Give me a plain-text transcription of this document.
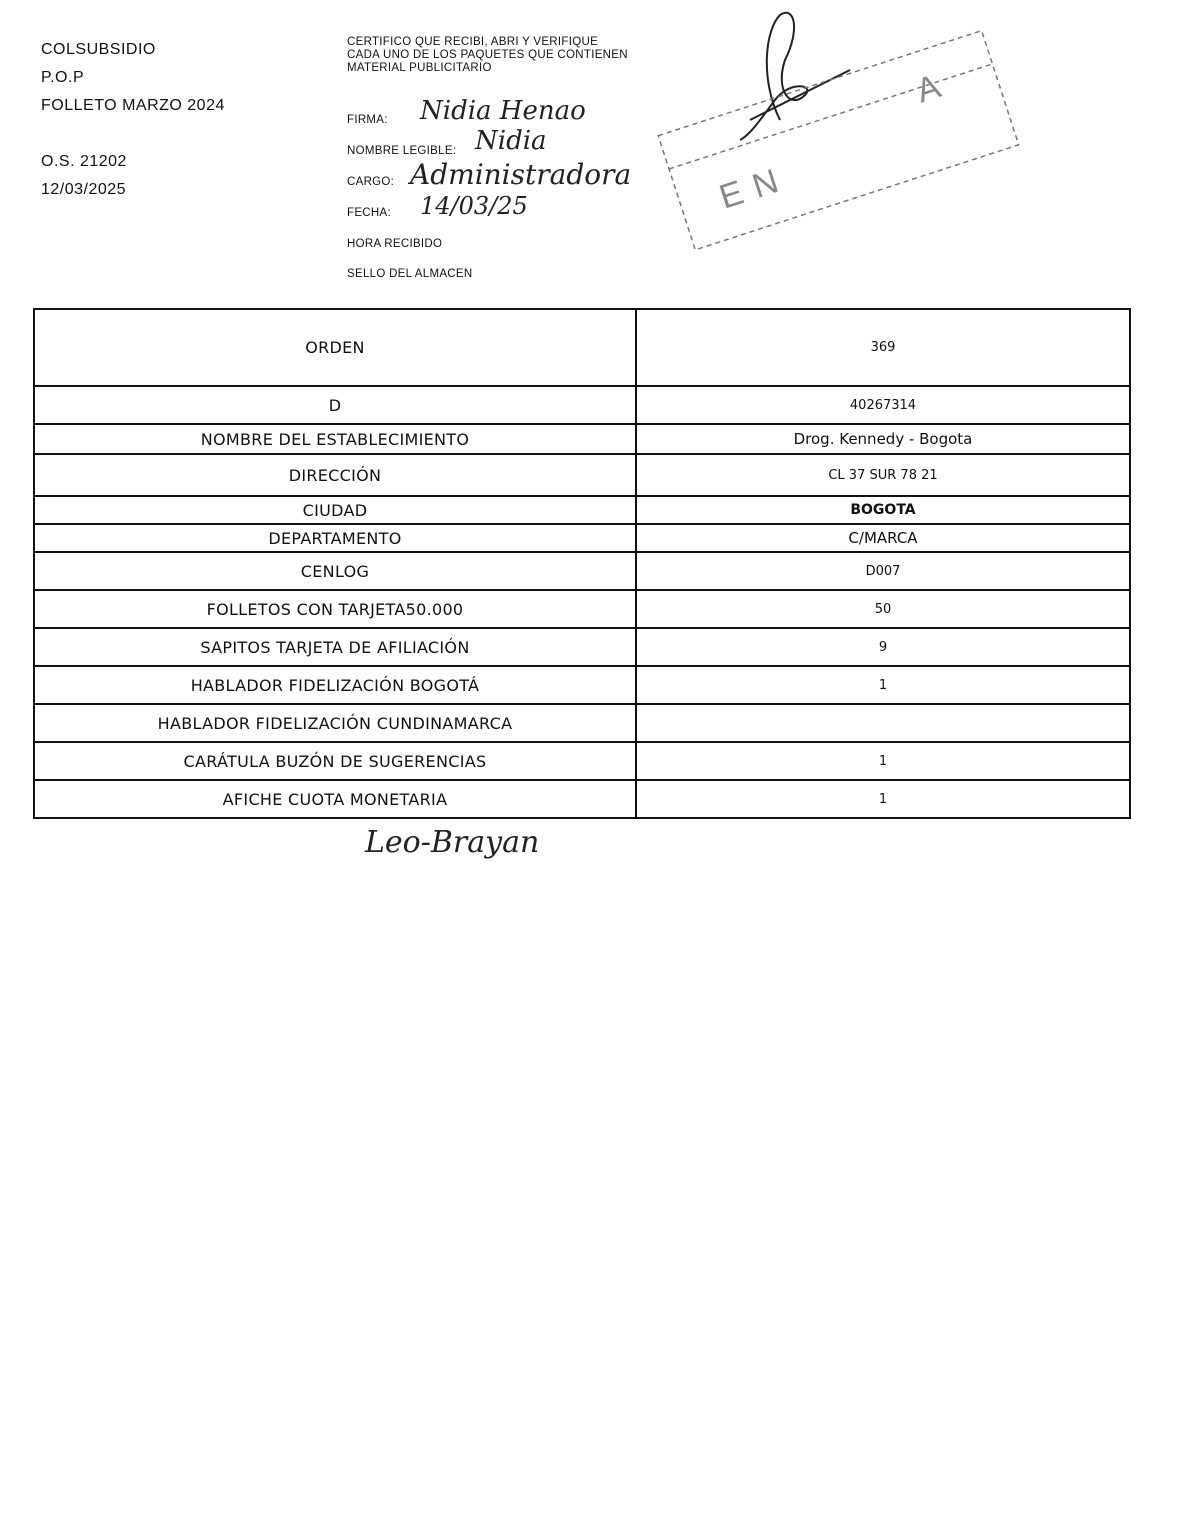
COLSUBSIDIO
P.O.P
FOLLETO MARZO 2024
O.S. 21202
12/03/2025
CERTIFICO QUE RECIBI, ABRI Y VERIFIQUE
CADA UNO DE LOS PAQUETES QUE CONTIENEN MATERIAL PUBLICITARIO
FIRMA:
NOMBRE LEGIBLE:
CARGO:
FECHA:
HORA RECIBIDO
SELLO DEL ALMACEN
Nidia Henao
Nidia
Administradora
14/03/25	EN
A
ORDEN	369
D	40267314
NOMBRE DEL ESTABLECIMIENTO	Drog. Kennedy - Bogota
DIRECCIÓN	CL 37 SUR 78 21
CIUDAD	BOGOTA
DEPARTAMENTO	C/MARCA
CENLOG	D007
FOLLETOS CON TARJETA50.000	50
SAPITOS TARJETA DE AFILIACIÓN	9
HABLADOR FIDELIZACIÓN BOGOTÁ	1
HABLADOR FIDELIZACIÓN CUNDINAMARCA	
CARÁTULA BUZÓN DE SUGERENCIAS	1
AFICHE CUOTA MONETARIA	1
Leo-Brayan
